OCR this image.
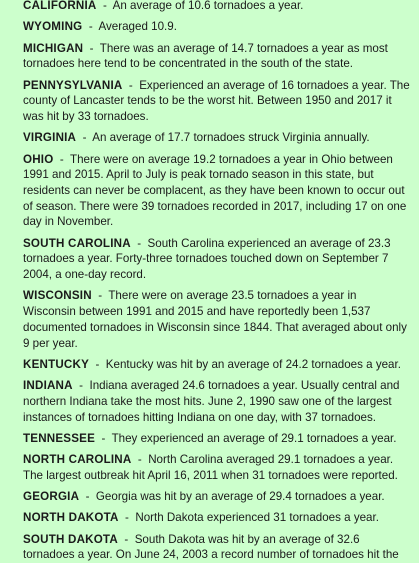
CALIFORNIA  -  An average of 10.6 tornadoes a year.
WYOMING  -  Averaged 10.9.
MICHIGAN  -  There was an average of 14.7 tornadoes a year as most tornadoes here tend to be concentrated in the south of the state.
PENNYSYLVANIA  -  Experienced an average of 16 tornadoes a year. The county of Lancaster tends to be the worst hit. Between 1950 and 2017 it was hit by 33 tornadoes.
VIRGINIA  -  An average of 17.7 tornadoes struck Virginia annually.
OHIO  -  There were on average 19.2 tornadoes a year in Ohio between 1991 and 2015. April to July is peak tornado season in this state, but residents can never be complacent, as they have been known to occur out of season. There were 39 tornadoes recorded in 2017, including 17 on one day in November.
SOUTH CAROLINA  -  South Carolina experienced an average of 23.3 tornadoes a year. Forty-three tornadoes touched down on September 7 2004, a one-day record.
WISCONSIN  -  There were on average 23.5 tornadoes a year in Wisconsin between 1991 and 2015 and have reportedly been 1,537 documented tornadoes in Wisconsin since 1844. That averaged about only 9 per year.
KENTUCKY  -  Kentucky was hit by an average of 24.2 tornadoes a year.
INDIANA  -  Indiana averaged 24.6 tornadoes a year. Usually central and northern Indiana take the most hits. June 2, 1990 saw one of the largest instances of tornadoes hitting Indiana on one day, with 37 tornadoes.
TENNESSEE  -  They experienced an average of 29.1 tornadoes a year.
NORTH CAROLINA  -  North Carolina averaged 29.1 tornadoes a year. The largest outbreak hit April 16, 2011 when 31 tornadoes were reported.
GEORGIA  -  Georgia was hit by an average of 29.4 tornadoes a year.
NORTH DAKOTA  -  North Dakota experienced 31 tornadoes a year.
SOUTH DAKOTA  -  South Dakota was hit by an average of 32.6 tornadoes a year. On June 24, 2003 a record number of tornadoes hit the
